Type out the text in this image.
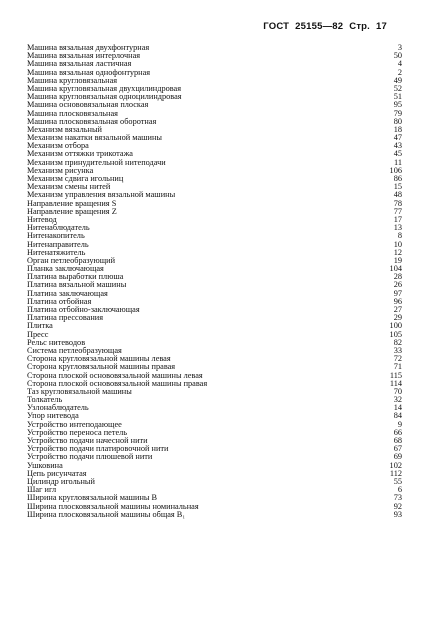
ГОСТ 25155—82 Стр. 17
Машина вязальная двухфонтурная	3
Машина вязальная интерлочная	50
Машина вязальная ластичная	4
Машина вязальная однофонтурная	2
Машина кругловязальная	49
Машина кругловязальная двухцилиндровая	52
Машина кругловязальная одноцилиндровая	51
Машина основовязальная плоская	95
Машина плосковязальная	79
Машина плосковязальная оборотная	80
Механизм вязальный	18
Механизм накатки вязальной машины	47
Механизм отбора	43
Механизм оттяжки трикотажа	45
Механизм принудительной нитеподачи	11
Механизм рисунка	106
Механизм сдвига игольниц	86
Механизм смены нитей	15
Механизм управления вязальной машины	48
Направление вращения S	78
Направление вращения Z	77
Нитевод	17
Нитенаблюдатель	13
Нитенакопитель	8
Нитенаправитель	10
Нитенатяжитель	12
Орган петлеобразующий	19
Планка заключающая	104
Платина выработки плюша	28
Платина вязальной машины	26
Платина заключающая	97
Платина отбойная	96
Платина отбойно-заключающая	27
Платина прессования	29
Плитка	100
Пресс	105
Рельс нитеводов	82
Система петлеобразующая	33
Сторона кругловязальной машины левая	72
Сторона кругловязальной машины правая	71
Сторона плоской основовязальной машины левая	115
Сторона плоской основовязальной машины правая	114
Таз кругловязальной машины	70
Толкатель	32
Узлонаблюдатель	14
Упор нитевода	84
Устройство интеподающее	9
Устройство переноса петель	66
Устройство подачи начесной нити	68
Устройство подачи платировочной нити	67
Устройство подачи плюшевой нити	69
Ушковина	102
Цепь рисунчатая	112
Цилиндр игольный	55
Шаг игл	6
Ширина кругловязальной машины B	73
Ширина плосковязальной машины номинальная	92
Ширина плосковязальной машины общая B₁	93
